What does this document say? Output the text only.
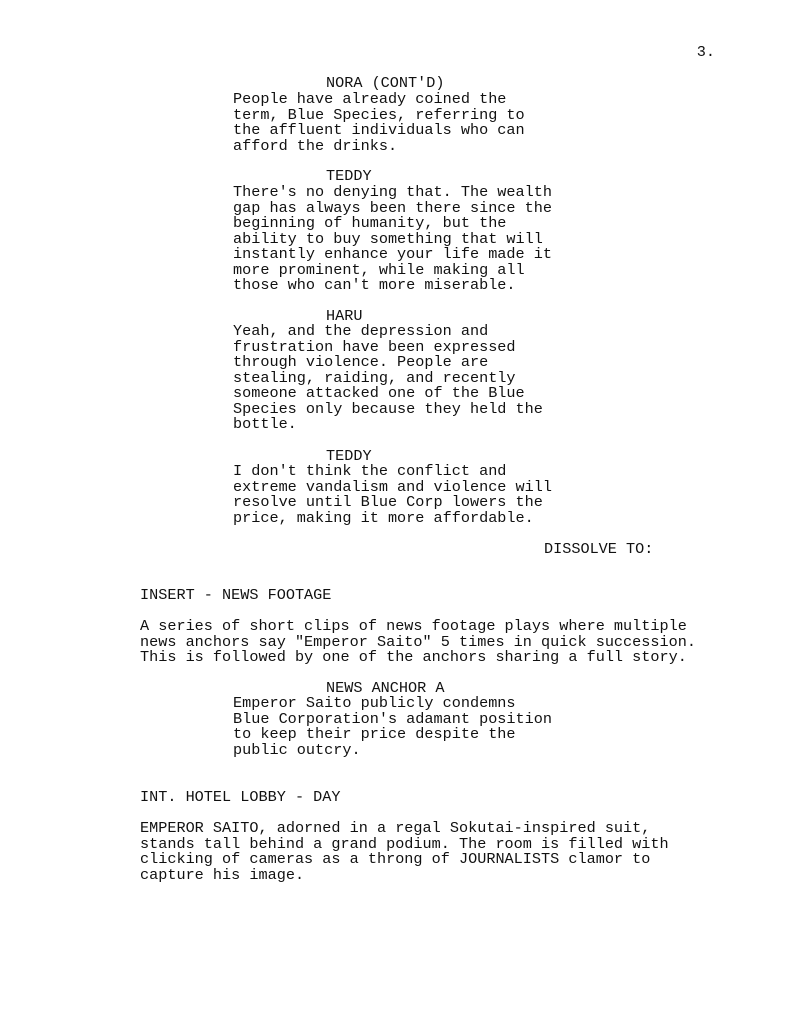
3.
NORA (CONT'D)
People have already coined the
term, Blue Species, referring to
the affluent individuals who can
afford the drinks.
TEDDY
There's no denying that. The wealth
gap has always been there since the
beginning of humanity, but the
ability to buy something that will
instantly enhance your life made it
more prominent, while making all
those who can't more miserable.
HARU
Yeah, and the depression and
frustration have been expressed
through violence. People are
stealing, raiding, and recently
someone attacked one of the Blue
Species only because they held the
bottle.
TEDDY
I don't think the conflict and
extreme vandalism and violence will
resolve until Blue Corp lowers the
price, making it more affordable.
DISSOLVE TO:
INSERT - NEWS FOOTAGE
A series of short clips of news footage plays where multiple
news anchors say "Emperor Saito" 5 times in quick succession.
This is followed by one of the anchors sharing a full story.
NEWS ANCHOR A
Emperor Saito publicly condemns
Blue Corporation's adamant position
to keep their price despite the
public outcry.
INT. HOTEL LOBBY - DAY
EMPEROR SAITO, adorned in a regal Sokutai-inspired suit,
stands tall behind a grand podium. The room is filled with
clicking of cameras as a throng of JOURNALISTS clamor to
capture his image.
